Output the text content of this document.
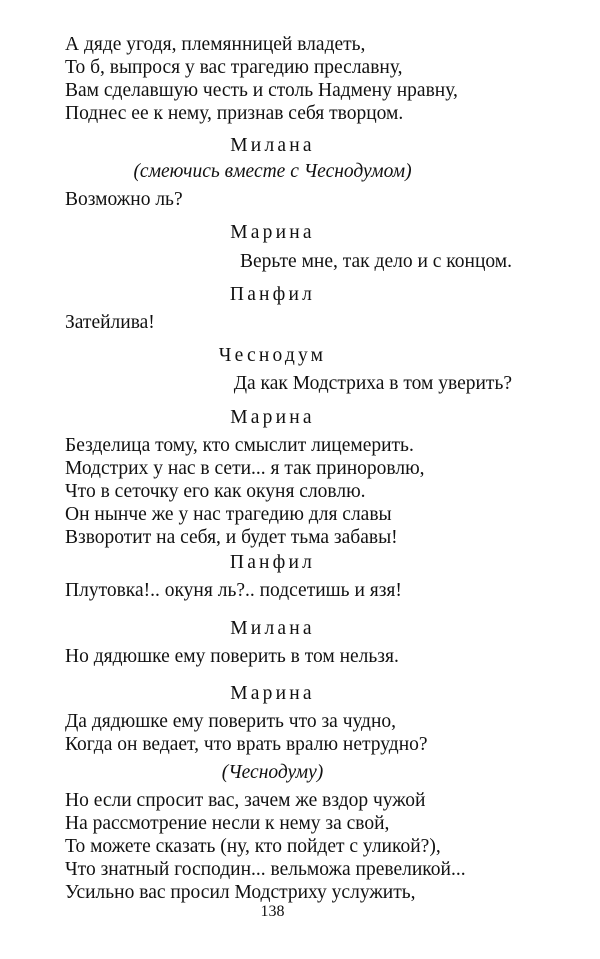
А дяде угодя, племянницей владеть,
То б, выпрося у вас трагедию преславну,
Вам сделавшую честь и столь Надмену нравну,
Поднес ее к нему, признав себя творцом.
Милана
(смеючись вместе с Чеснодумом)
Возможно ль?
Марина
Верьте мне, так дело и с концом.
Панфил
Затейлива!
Чеснодум
Да как Модстриха в том уверить?
Марина
Безделица тому, кто смыслит лицемерить.
Модстрих у нас в сети... я так приноровлю,
Что в сеточку его как окуня словлю.
Он нынче же у нас трагедию для славы
Взворотит на себя, и будет тьма забавы!
Панфил
Плутовка!.. окуня ль?.. подсетишь и язя!
Милана
Но дядюшке ему поверить в том нельзя.
Марина
Да дядюшке ему поверить что за чудно,
Когда он ведает, что врать вралю нетрудно?
(Чеснодуму)
Но если спросит вас, зачем же вздор чужой
На рассмотрение несли к нему за свой,
То можете сказать (ну, кто пойдет с уликой?),
Что знатный господин... вельможа превеликой...
Усильно вас просил Модстриху услужить,
138
